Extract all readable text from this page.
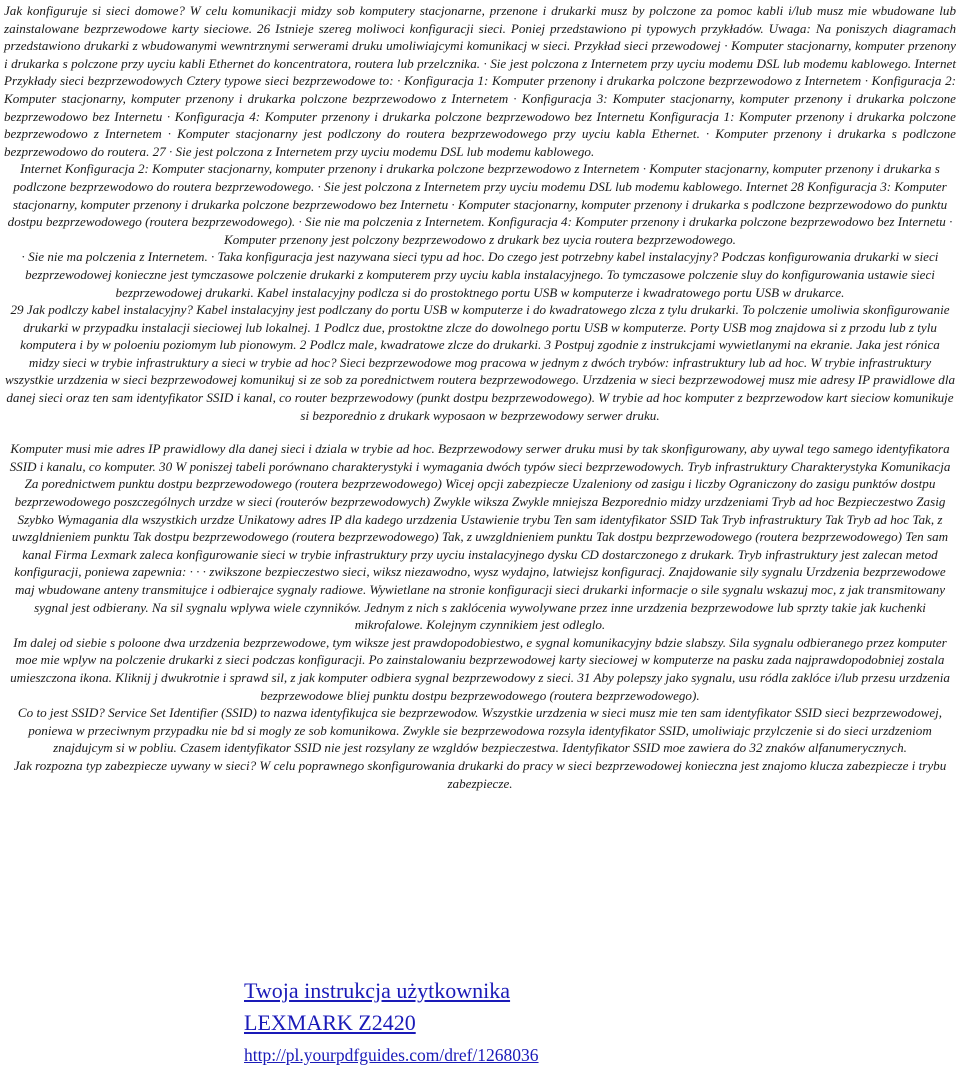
Jak konfiguruje si sieci domowe? W celu komunikacji midzy sob komputery stacjonarne, przenone i drukarki musz by polczone za pomoc kabli i/lub musz mie wbudowane lub zainstalowane bezprzewodowe karty sieciowe. 26 Istnieje szereg moliwoci konfiguracji sieci. Poniej przedstawiono pi typowych przykładów. Uwaga: Na poniszych diagramach przedstawiono drukarki z wbudowanymi wewntrznymi serwerami druku umoliwiajcymi komunikacj w sieci. Przykład sieci przewodowej · Komputer stacjonarny, komputer przenony i drukarka s polczone przy uyciu kabli Ethernet do koncentratora, routera lub przelcznika. · Sie jest polczona z Internetem przy uyciu modemu DSL lub modemu kablowego. Internet Przykłady sieci bezprzewodowych Cztery typowe sieci bezprzewodowe to: · Konfiguracja 1: Komputer przenony i drukarka polczone bezprzewodowo z Internetem · Konfiguracja 2: Komputer stacjonarny, komputer przenony i drukarka polczone bezprzewodowo z Internetem · Konfiguracja 3: Komputer stacjonarny, komputer przenony i drukarka polczone bezprzewodowo bez Internetu · Konfiguracja 4: Komputer przenony i drukarka polczone bezprzewodowo bez Internetu Konfiguracja 1: Komputer przenony i drukarka polczone bezprzewodowo z Internetem · Komputer stacjonarny jest podlczony do routera bezprzewodowego przy uyciu kabla Ethernet. · Komputer przenony i drukarka s podlczone bezprzewodowo do routera. 27 · Sie jest polczona z Internetem przy uyciu modemu DSL lub modemu kablowego.

Internet Konfiguracja 2: Komputer stacjonarny, komputer przenony i drukarka polczone bezprzewodowo z Internetem · Komputer stacjonarny, komputer przenony i drukarka s podlczone bezprzewodowo do routera bezprzewodowego. · Sie jest polczona z Internetem przy uyciu modemu DSL lub modemu kablowego. Internet 28 Konfiguracja 3: Komputer stacjonarny, komputer przenony i drukarka polczone bezprzewodowo bez Internetu · Komputer stacjonarny, komputer przenony i drukarka s podlczone bezprzewodowo do punktu dostpu bezprzewodowego (routera bezprzewodowego). · Sie nie ma polczenia z Internetem. Konfiguracja 4: Komputer przenony i drukarka polczone bezprzewodowo bez Internetu · Komputer przenony jest polczony bezprzewodowo z drukark bez uycia routera bezprzewodowego.

· Sie nie ma polczenia z Internetem. · Taka konfiguracja jest nazywana sieci typu ad hoc. Do czego jest potrzebny kabel instalacyjny? Podczas konfigurowania drukarki w sieci bezprzewodowej konieczne jest tymczasowe polczenie drukarki z komputerem przy uyciu kabla instalacyjnego. To tymczasowe polczenie sluy do konfigurowania ustawie sieci bezprzewodowej drukarki. Kabel instalacyjny podlcza si do prostoktnego portu USB w komputerze i kwadratowego portu USB w drukarce.

29 Jak podlczy kabel instalacyjny? Kabel instalacyjny jest podlczany do portu USB w komputerze i do kwadratowego zlcza z tylu drukarki. To polczenie umoliwia skonfigurowanie drukarki w przypadku instalacji sieciowej lub lokalnej. 1 Podlcz due, prostoktne zlcze do dowolnego portu USB w komputerze. Porty USB mog znajdowa si z przodu lub z tylu komputera i by w poloeniu poziomym lub pionowym. 2 Podlcz male, kwadratowe zlcze do drukarki. 3 Postpuj zgodnie z instrukcjami wywietlanymi na ekranie. Jaka jest rónica midzy sieci w trybie infrastruktury a sieci w trybie ad hoc? Sieci bezprzewodowe mog pracowa w jednym z dwóch trybów: infrastruktury lub ad hoc. W trybie infrastruktury wszystkie urzdzenia w sieci bezprzewodowej komunikuj si ze sob za porednictwem routera bezprzewodowego. Urzdzenia w sieci bezprzewodowej musz mie adresy IP prawidlowe dla danej sieci oraz ten sam identyfikator SSID i kanal, co router bezprzewodowy (punkt dostpu bezprzewodowego). W trybie ad hoc komputer z bezprzewodow kart sieciow komunikuje si bezporednio z drukark wyposaon w bezprzewodowy serwer druku.

Komputer musi mie adres IP prawidlowy dla danej sieci i dziala w trybie ad hoc. Bezprzewodowy serwer druku musi by tak skonfigurowany, aby uywal tego samego identyfikatora SSID i kanalu, co komputer. 30 W poniszej tabeli porównano charakterystyki i wymagania dwóch typów sieci bezprzewodowych. Tryb infrastruktury Charakterystyka Komunikacja Za porednictwem punktu dostpu bezprzewodowego (routera bezprzewodowego) Wicej opcji zabezpiecze Uzaleniony od zasigu i liczby Ograniczony do zasigu punktów dostpu bezprzewodowego poszczególnych urzdze w sieci (routerów bezprzewodowych) Zwykle wiksza Zwykle mniejsza Bezporednio midzy urzdzeniami Tryb ad hoc Bezpieczestwo Zasig Szybko Wymagania dla wszystkich urzdze Unikatowy adres IP dla kadego urzdzenia Ustawienie trybu Ten sam identyfikator SSID Tak Tryb infrastruktury Tak Tryb ad hoc Tak, z uwzgldnieniem punktu Tak dostpu bezprzewodowego (routera bezprzewodowego) Tak, z uwzgldnieniem punktu Tak dostpu bezprzewodowego (routera bezprzewodowego) Ten sam kanal Firma Lexmark zaleca konfigurowanie sieci w trybie infrastruktury przy uyciu instalacyjnego dysku CD dostarczonego z drukark. Tryb infrastruktury jest zalecan metod konfiguracji, poniewa zapewnia: · · · zwikszone bezpieczestwo sieci, wiksz niezawodno, wysz wydajno, latwiejsz konfiguracj. Znajdowanie sily sygnalu Urzdzenia bezprzewodowe maj wbudowane anteny transmitujce i odbierajce sygnaly radiowe. Wywietlane na stronie konfiguracji sieci drukarki informacje o sile sygnalu wskazuj moc, z jak transmitowany sygnal jest odbierany. Na sil sygnalu wplywa wiele czynników. Jednym z nich s zaklócenia wywolywane przez inne urzdzenia bezprzewodowe lub sprzty takie jak kuchenki mikrofalowe. Kolejnym czynnikiem jest odleglo.

Im dalej od siebie s poloone dwa urzdzenia bezprzewodowe, tym wiksze jest prawdopodobiestwo, e sygnal komunikacyjny bdzie slabszy. Sila sygnalu odbieranego przez komputer moe mie wplyw na polczenie drukarki z sieci podczas konfiguracji. Po zainstalowaniu bezprzewodowej karty sieciowej w komputerze na pasku zada najprawdopodobniej zostala umieszczona ikona. Kliknij j dwukrotnie i sprawd sil, z jak komputer odbiera sygnal bezprzewodowy z sieci. 31 Aby polepszy jako sygnalu, usu ródla zaklóce i/lub przesu urzdzenia bezprzewodowe bliej punktu dostpu bezprzewodowego (routera bezprzewodowego).

Co to jest SSID? Service Set Identifier (SSID) to nazwa identyfikujca sie bezprzewodow. Wszystkie urzdzenia w sieci musz mie ten sam identyfikator SSID sieci bezprzewodowej, poniewa w przeciwnym przypadku nie bd si mogly ze sob komunikowa. Zwykle sie bezprzewodowa rozsyla identyfikator SSID, umoliwiajc przylczenie si do sieci urzdzeniom znajdujcym si w pobliu. Czasem identyfikator SSID nie jest rozsylany ze wzgldów bezpieczestwa. Identyfikator SSID moe zawiera do 32 znaków alfanumerycznych.

Jak rozpozna typ zabezpiecze uywany w sieci? W celu poprawnego skonfigurowania drukarki do pracy w sieci bezprzewodowej konieczna jest znajomo klucza zabezpiecze i trybu zabezpiecze.

Twoja instrukcja użytkownika
LEXMARK Z2420
http://pl.yourpdfguides.com/dref/1268036
